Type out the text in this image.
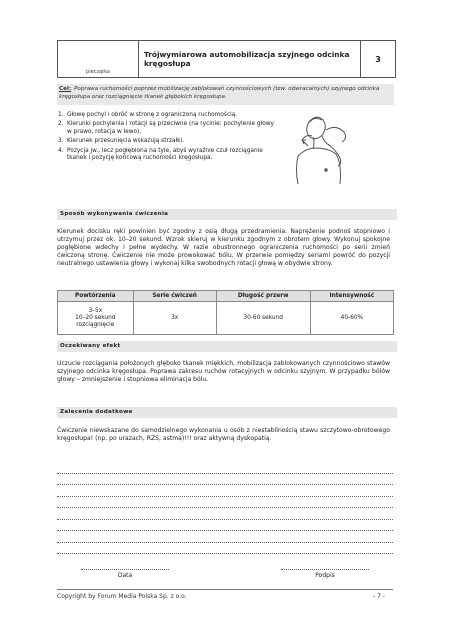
pieczątka
Trójwymiarowa automobilizacja szyjnego odcinka kręgosłupa	3
Cel: Poprawa ruchomości poprzez mobilizację zablokowań czynnościowych (tzw. odwracalnych) szyjnego odcinka kręgosłupa oraz rozciągnięcie tkanek głębokich kręgosłupa.
1. Głowę pochyl i obróć w stronę z ograniczoną ruchomością.
2. Kierunki pochylenia i rotacji są przeciwne (na rycinie: pochylenie głowy w prawo, rotacja w lewo).
3. Kierunek przesunięcia wskazują strzałki.
4. Pozycja jw., lecz pogłębiona na tyle, abyś wyraźnie czuł rozciąganie tkanek i pozycję końcową ruchomości kręgosłupa.
Sposób wykonywania ćwiczenia
Kierunek docisku ręki powinien być zgodny z osią długą przedramienia. Naprężenie podnoś stopniowo i utrzymuj przez ok. 10–20 sekund. Wzrok skieruj w kierunku zgodnym z obrotem głowy. Wykonuj spokojne pogłębione wdechy i pełne wydechy. W razie obustronnego ograniczenia ruchomości po serii zmień ćwiczoną stronę. Ćwiczenie nie może prowokować bólu. W przerwie pomiędzy seriami powróć do pozycji neutralnego ustawienia głowy i wykonaj kilka swobodnych rotacji głową w obydwie strony.
Powtórzenia	Serie ćwiczeń	Długość przerw	Intensywność
3–5x
10–20 sekund
rozciągnięcie	3x	30-60 sekund	40-60%
Oczekiwany efekt
Uczucie rozciągania położonych głęboko tkanek miękkich, mobilizacja zablokowanych czynnościowo stawów szyjnego odcinka kręgosłupa. Poprawa zakresu ruchów rotacyjnych w odcinku szyjnym. W przypadku bólów głowy – zmniejszenie i stopniowa eliminacja bólu.
Zalecenia dodatkowe
Ćwiczenie niewskazane do samodzielnego wykonania u osób z niestabilnością stawu szczytowo-obrotowego kręgosłupa! (np. po urazach, RZS, astma)!!! oraz aktywną dyskopatią.
Data	Podpis
Copyright by Forum Media Polska Sp. z o.o.	- 7 -
